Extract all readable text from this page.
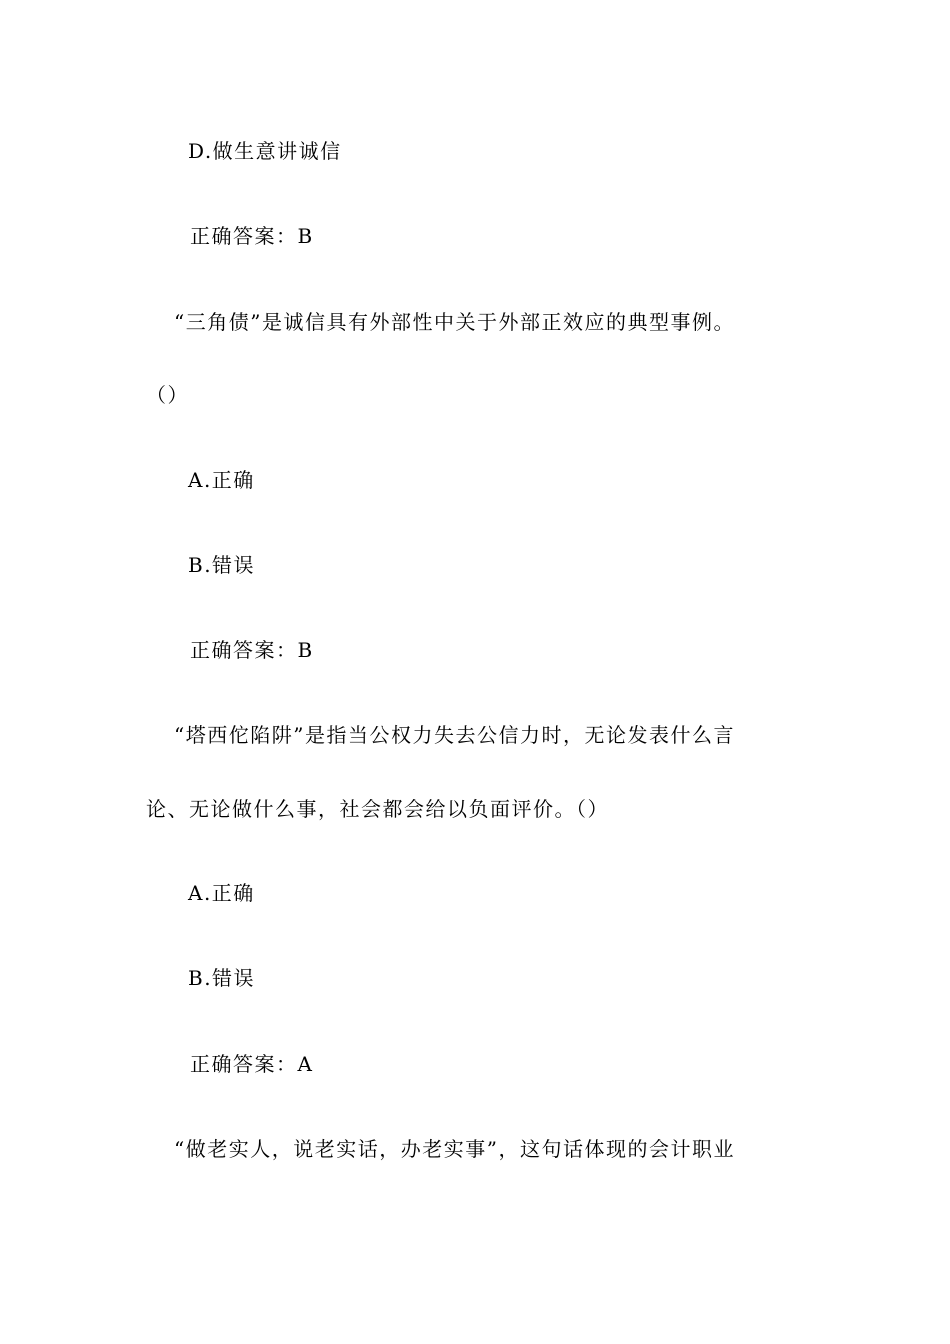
D.做生意讲诚信
正确答案：B
“三角债”是诚信具有外部性中关于外部正效应的典型事例。
（）
A.正确
B.错误
正确答案：B
“塔西佗陷阱”是指当公权力失去公信力时，无论发表什么言
论、无论做什么事，社会都会给以负面评价。（）
A.正确
B.错误
正确答案：A
“做老实人，说老实话，办老实事”，这句话体现的会计职业
